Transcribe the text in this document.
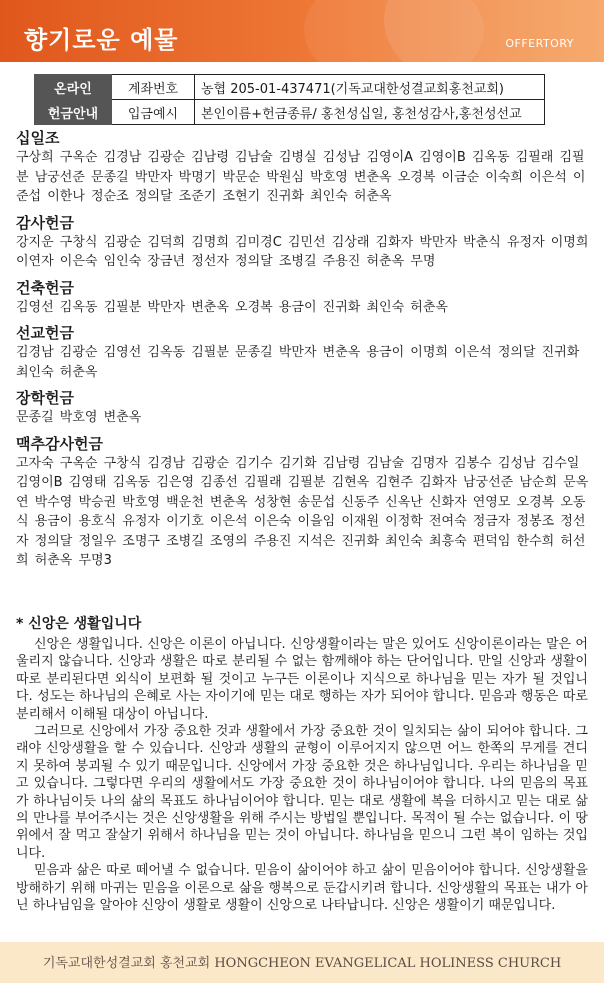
향기로운 예물	OFFERTORY
온라인	계좌번호	농협 205-01-437471(기독교대한성결교회홍천교회)
헌금안내	입금예시	본인이름+헌금종류/ 홍천성십일, 홍천성감사,홍천성선교
십일조
구상희 구옥순 김경남 김광순 김남령 김남술 김병실 김성남 김영이A 김영이B 김옥동 김필래 김필분 남궁선준 문종길 박만자 박명기 박문순 박원심 박호영 변춘옥 오경복 이금순 이숙희 이은석 이준섭 이한나 정순조 정의달 조준기 조현기 진귀화 최인숙 허춘옥
감사헌금
강지운 구창식 김광순 김덕희 김명희 김미경C 김민선 김상래 김화자 박만자 박춘식 유정자 이명희 이연자 이은숙 임인숙 장금년 정선자 정의달 조병길 주용진 허춘옥 무명
건축헌금
김영선 김옥동 김필분 박만자 변춘옥 오경복 용금이 진귀화 최인숙 허춘옥
선교헌금
김경남 김광순 김영선 김옥동 김필분 문종길 박만자 변춘옥 용금이 이명희 이은석 정의달 진귀화 최인숙 허춘옥
장학헌금
문종길 박호영 변춘옥
맥추감사헌금
고자숙 구옥순 구창식 김경남 김광순 김기수 김기화 김남령 김남술 김명자 김봉수 김성남 김수일 김영이B 김영태 김옥동 김은영 김종선 김필래 김필분 김현옥 김현주 김화자 남궁선준 남순희 문옥연 박수영 박승권 박호영 백운천 변춘옥 성창현 송문섭 신동주 신옥난 신화자 연영모 오경복 오동식 용금이 용호식 유정자 이기호 이은석 이은숙 이을임 이재원 이정학 전여숙 정금자 정봉조 정선자 정의달 정일우 조명구 조병길 조영의 주용진 지석은 진귀화 최인숙 최흥숙 편덕임 한수희 허선희 허춘옥 무명3
* 신앙은 생활입니다

신앙은 생활입니다. 신앙은 이론이 아닙니다. 신앙생활이라는 말은 있어도 신앙이론이라는 말은 어울리지 않습니다. 신앙과 생활은 따로 분리될 수 없는 함께해야 하는 단어입니다. 만일 신앙과 생활이 따로 분리된다면 외식이 보편화 될 것이고 누구든 이론이나 지식으로 하나님을 믿는 자가 될 것입니다. 성도는 하나님의 은혜로 사는 자이기에 믿는 대로 행하는 자가 되어야 합니다. 믿음과 행동은 따로 분리해서 이해될 대상이 아닙니다.

그러므로 신앙에서 가장 중요한 것과 생활에서 가장 중요한 것이 일치되는 삶이 되어야 합니다. 그래야 신앙생활을 할 수 있습니다. 신앙과 생활의 균형이 이루어지지 않으면 어느 한쪽의 무게를 견디지 못하여 붕괴될 수 있기 때문입니다. 신앙에서 가장 중요한 것은 하나님입니다. 우리는 하나님을 믿고 있습니다. 그렇다면 우리의 생활에서도 가장 중요한 것이 하나님이어야 합니다. 나의 믿음의 목표가 하나님이듯 나의 삶의 목표도 하나님이어야 합니다. 믿는 대로 생활에 복을 더하시고 믿는 대로 삶의 만나를 부어주시는 것은 신앙생활을 위해 주시는 방법일 뿐입니다. 목적이 될 수는 없습니다. 이 땅 위에서 잘 먹고 잘살기 위해서 하나님을 믿는 것이 아닙니다. 하나님을 믿으니 그런 복이 임하는 것입니다.

믿음과 삶은 따로 떼어낼 수 없습니다. 믿음이 삶이어야 하고 삶이 믿음이어야 합니다. 신앙생활을 방해하기 위해 마귀는 믿음을 이론으로 삶을 행복으로 둔갑시키려 합니다. 신앙생활의 목표는 내가 아닌 하나님임을 알아야 신앙이 생활로 생활이 신앙으로 나타납니다. 신앙은 생활이기 때문입니다.

기독교대한성결교회 홍천교회 HONGCHEON EVANGELICAL HOLINESS CHURCH
